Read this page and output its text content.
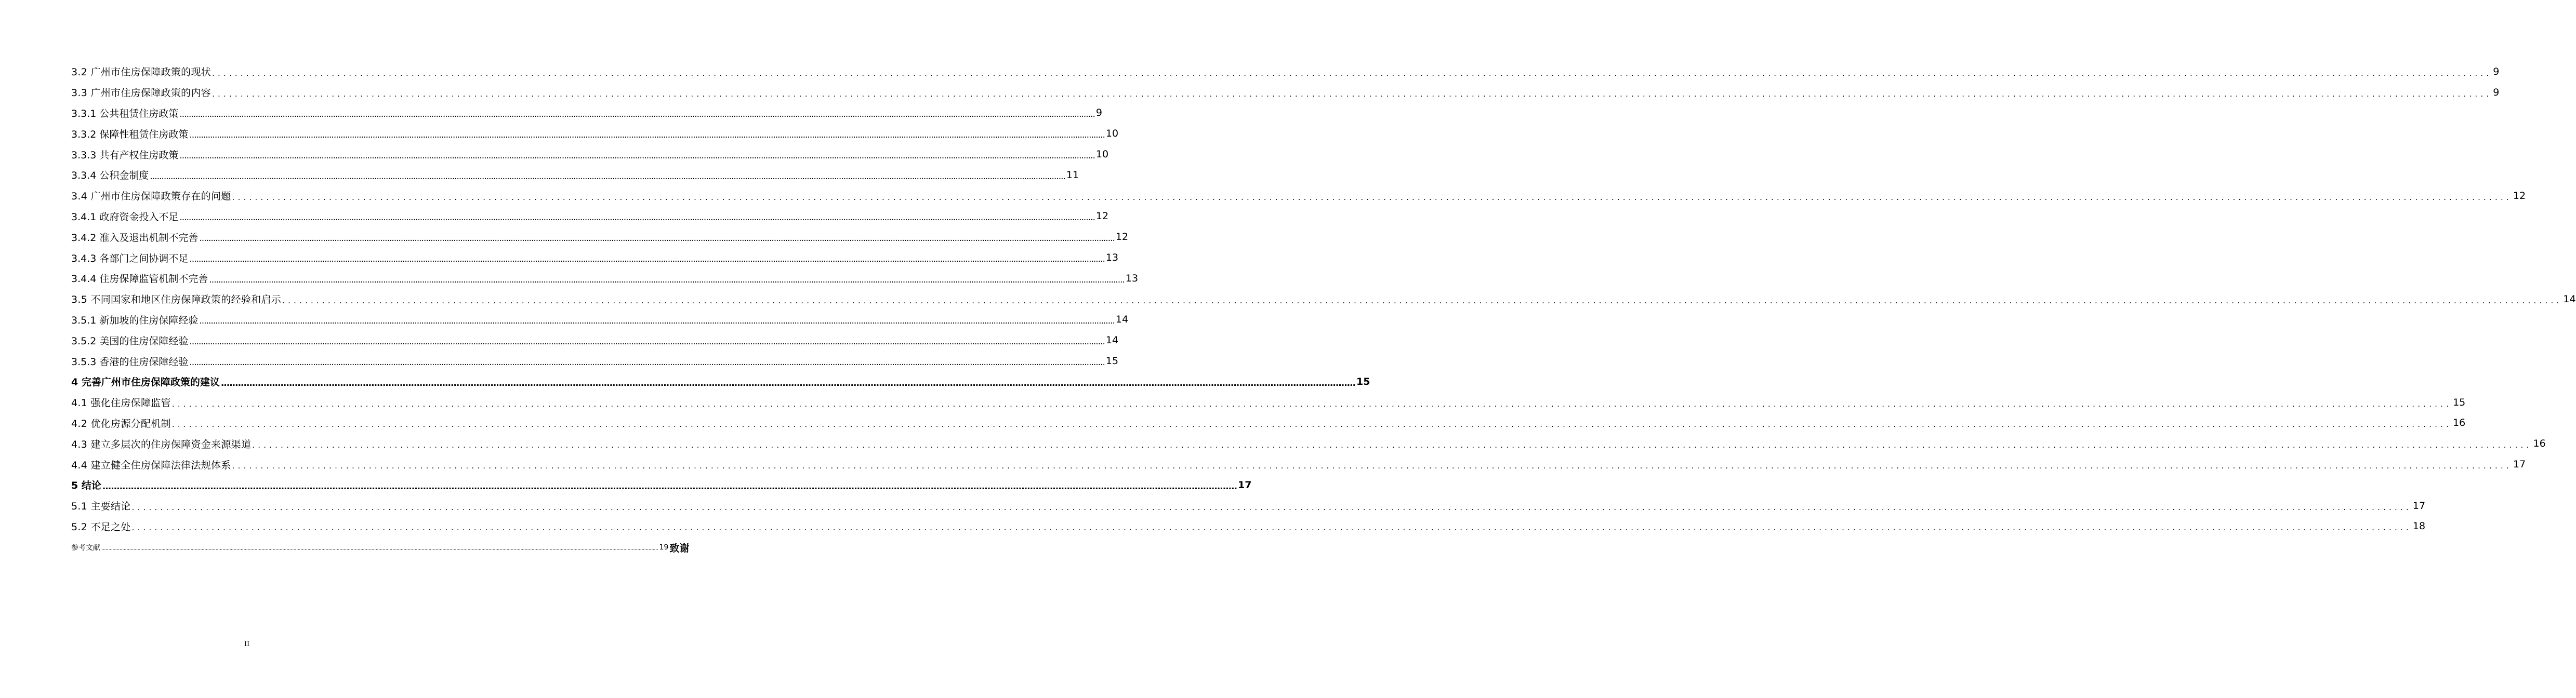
3.2 广州市住房保障政策的现状 ................................................................................................................................................................................................................................................................................................................................................................................................................ 9
3.3 广州市住房保障政策的内容 ................................................................................................................................................................................................................................................................................................................................................................................................................ 9
3.3.1 公共租赁住房政策 ................................................................................................................................................................................................................................................................................................................................................................................................................ 9
3.3.2 保障性租赁住房政策 ................................................................................................................................................................................................................................................................................................................................................................................................................ 10
3.3.3 共有产权住房政策 ................................................................................................................................................................................................................................................................................................................................................................................................................ 10
3.3.4 公积金制度 ................................................................................................................................................................................................................................................................................................................................................................................................................ 11
3.4 广州市住房保障政策存在的问题 ................................................................................................................................................................................................................................................................................................................................................................................................................ 12
3.4.1 政府资金投入不足 ................................................................................................................................................................................................................................................................................................................................................................................................................ 12
3.4.2 准入及退出机制不完善 ................................................................................................................................................................................................................................................................................................................................................................................................................ 12
3.4.3 各部门之间协调不足 ................................................................................................................................................................................................................................................................................................................................................................................................................ 13
3.4.4 住房保障监管机制不完善 ................................................................................................................................................................................................................................................................................................................................................................................................................ 13
3.5 不同国家和地区住房保障政策的经验和启示 ................................................................................................................................................................................................................................................................................................................................................................................................................ 14
3.5.1 新加坡的住房保障经验 ................................................................................................................................................................................................................................................................................................................................................................................................................ 14
3.5.2 美国的住房保障经验 ................................................................................................................................................................................................................................................................................................................................................................................................................ 14
3.5.3 香港的住房保障经验 ................................................................................................................................................................................................................................................................................................................................................................................................................ 15
4 完善广州市住房保障政策的建议 ................................................................................................................................................................................................................................................................................................................................................................................................................ 15
4.1 强化住房保障监管 ................................................................................................................................................................................................................................................................................................................................................................................................................ 15
4.2 优化房源分配机制 ................................................................................................................................................................................................................................................................................................................................................................................................................ 16
4.3 建立多层次的住房保障资金来源渠道 ................................................................................................................................................................................................................................................................................................................................................................................................................ 16
4.4 建立健全住房保障法律法规体系 ................................................................................................................................................................................................................................................................................................................................................................................................................ 17
5 结论 ................................................................................................................................................................................................................................................................................................................................................................................................................ 17
5.1 主要结论 ................................................................................................................................................................................................................................................................................................................................................................................................................ 17
5.2 不足之处 ................................................................................................................................................................................................................................................................................................................................................................................................................ 18
参考文献 ................................................................................................................................................................................................................................................................................................................................................................................................................ 19 致谢
II
